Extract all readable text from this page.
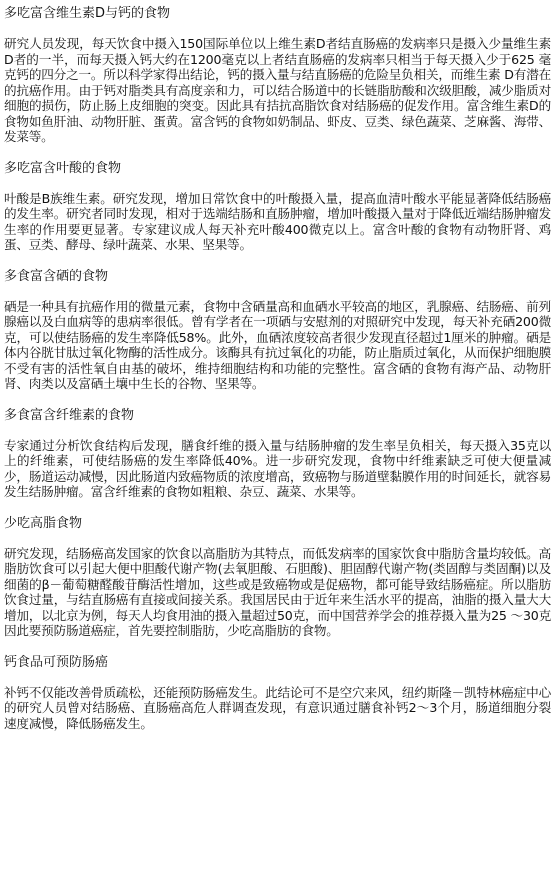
多吃富含维生素D与钙的食物

研究人员发现，每天饮食中摄入150国际单位以上维生素D者结直肠癌的发病率只是摄入少量维生素D者的一半，而每天摄入钙大约在1200毫克以上者结直肠癌的发病率只相当于每天摄入少于625 毫克钙的四分之一。所以科学家得出结论，钙的摄入量与结直肠癌的危险呈负相关，而维生素 D有潜在的抗癌作用。由于钙对脂类具有高度亲和力，可以结合肠道中的长链脂肪酸和次级胆酸，减少脂质对细胞的损伤，防止肠上皮细胞的突变。因此具有拮抗高脂饮食对结肠癌的促发作用。富含维生素D的食物如鱼肝油、动物肝脏、蛋黄。富含钙的食物如奶制品、虾皮、豆类、绿色蔬菜、芝麻酱、海带、发菜等。

多吃富含叶酸的食物

叶酸是B族维生素。研究发现，增加日常饮食中的叶酸摄入量，提高血清叶酸水平能显著降低结肠癌的发生率。研究者同时发现，相对于选端结肠和直肠肿瘤，增加叶酸摄入量对于降低近端结肠肿瘤发生率的作用要更显著。专家建议成人每天补充叶酸400微克以上。富含叶酸的食物有动物肝肾、鸡蛋、豆类、酵母、绿叶蔬菜、水果、坚果等。

多食富含硒的食物

硒是一种具有抗癌作用的微量元素，食物中含硒量高和血硒水平较高的地区，乳腺癌、结肠癌、前列腺癌以及白血病等的患病率很低。曾有学者在一项硒与安慰剂的对照研究中发现，每天补充硒200微克，可以使结肠癌的发生率降低58%。此外，血硒浓度较高者很少发现直径超过1厘米的肿瘤。硒是体内谷胱甘肽过氧化物酶的活性成分。该酶具有抗过氧化的功能，防止脂质过氧化，从而保护细胞膜不受有害的活性氧自由基的破坏，维持细胞结构和功能的完整性。富含硒的食物有海产品、动物肝肾、肉类以及富硒土壤中生长的谷物、坚果等。

多食富含纤维素的食物

专家通过分析饮食结构后发现，膳食纤维的摄入量与结肠肿瘤的发生率呈负相关，每天摄入35克以上的纤维素，可使结肠癌的发生率降低40%。进一步研究发现，食物中纤维素缺乏可使大便量减少，肠道运动减慢，因此肠道内致癌物质的浓度增高，致癌物与肠道壁黏膜作用的时间延长，就容易发生结肠肿瘤。富含纤维素的食物如粗粮、杂豆、蔬菜、水果等。

少吃高脂食物

研究发现，结肠癌高发国家的饮食以高脂肪为其特点，而低发病率的国家饮食中脂肪含量均较低。高脂肪饮食可以引起大便中胆酸代谢产物(去氧胆酸、石胆酸)、胆固醇代谢产物(类固醇与类固酮)以及细菌的β－葡萄糖醛酸苷酶活性增加，这些或是致癌物或是促癌物，都可能导致结肠癌症。所以脂肪饮食过量，与结直肠癌有直接或间接关系。我国居民由于近年来生活水平的提高，油脂的摄入量大大增加，以北京为例，每天人均食用油的摄入量超过50克，而中国营养学会的推荐摄入量为25 ～30克因此要预防肠道癌症，首先要控制脂肪，少吃高脂肪的食物。

钙食品可预防肠癌

补钙不仅能改善骨质疏松，还能预防肠癌发生。此结论可不是空穴来风，纽约斯隆－凯特林癌症中心的研究人员曾对结肠癌、直肠癌高危人群调查发现，有意识通过膳食补钙2～3个月，肠道细胞分裂速度减慢，降低肠癌发生。
